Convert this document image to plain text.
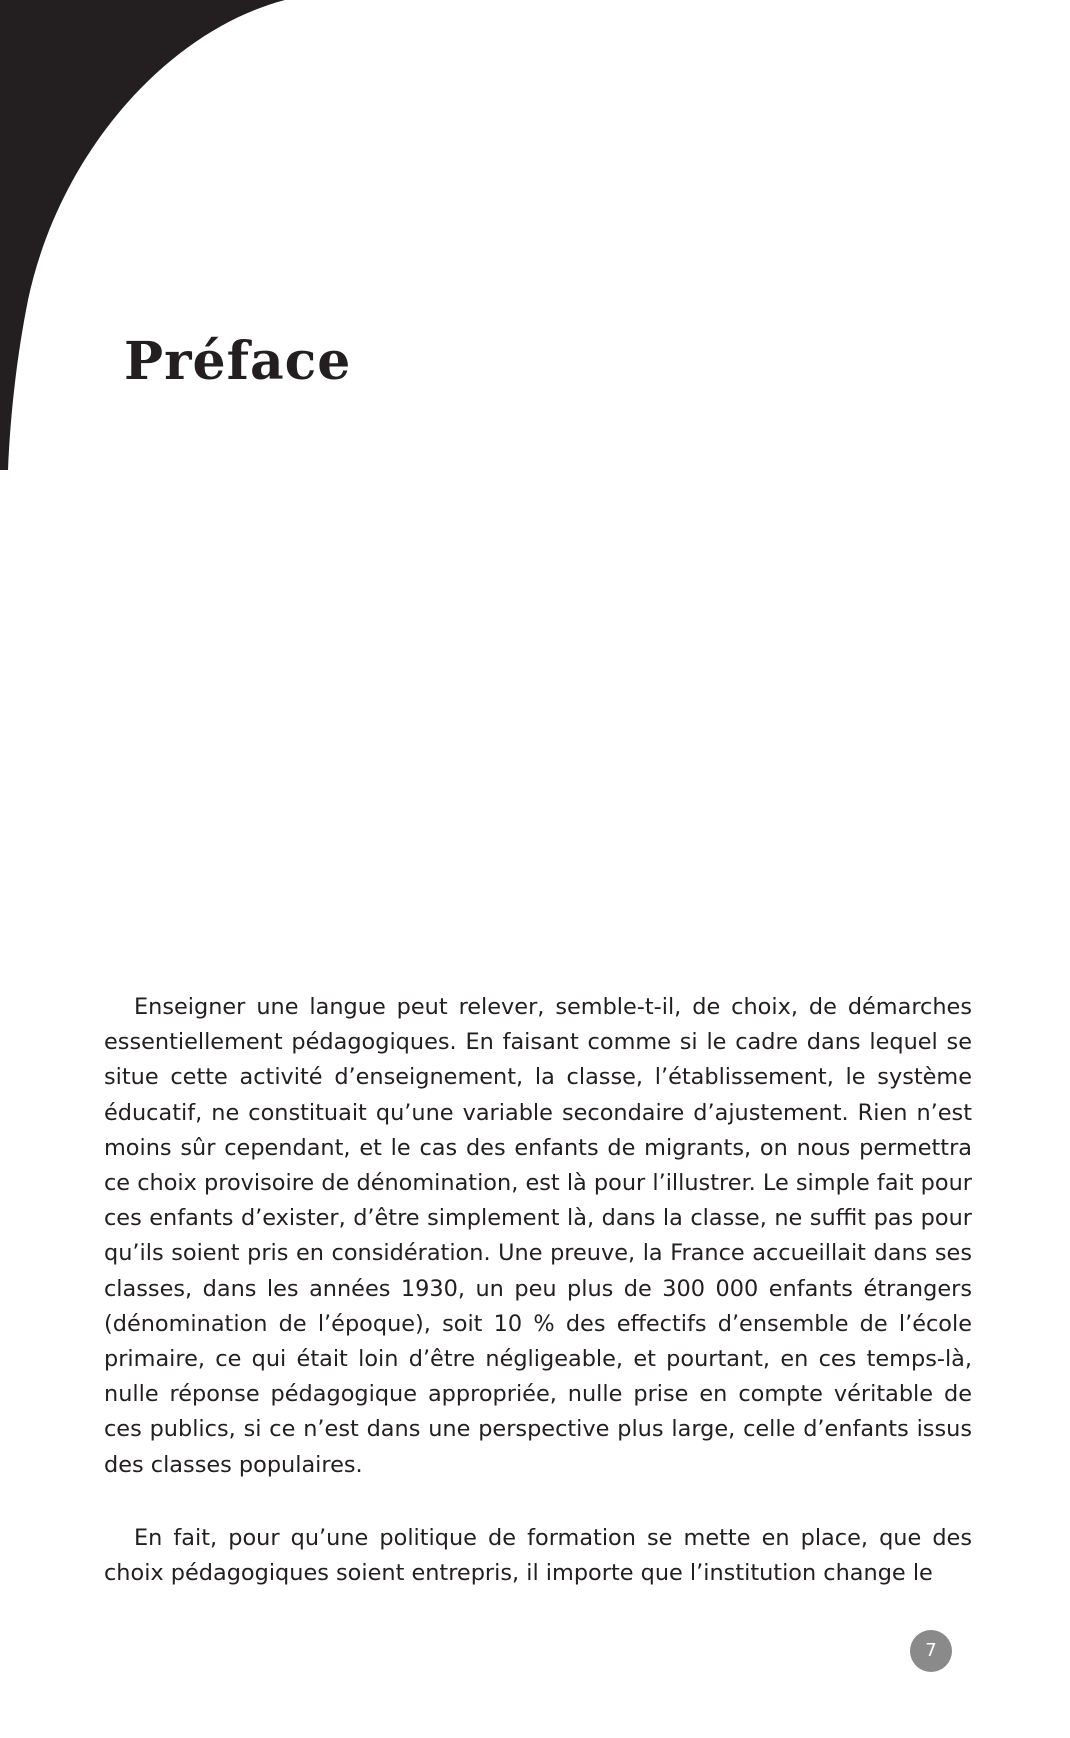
Préface

Enseigner une langue peut relever, semble-t-il, de choix, de démarches essentiellement pédagogiques. En faisant comme si le cadre dans lequel se situe cette activité d’enseignement, la classe, l’établissement, le système éducatif, ne constituait qu’une variable secondaire d’ajustement. Rien n’est moins sûr cependant, et le cas des enfants de migrants, on nous permettra ce choix provisoire de dénomination, est là pour l’illustrer. Le simple fait pour ces enfants d’exister, d’être simplement là, dans la classe, ne suffit pas pour qu’ils soient pris en considération. Une preuve, la France accueillait dans ses classes, dans les années 1930, un peu plus de 300 000 enfants étrangers (dénomination de l’époque), soit 10 % des effectifs d’ensemble de l’école primaire, ce qui était loin d’être négligeable, et pourtant, en ces temps-là, nulle réponse pédagogique appropriée, nulle prise en compte véritable de ces publics, si ce n’est dans une perspective plus large, celle d’enfants issus des classes populaires.

En fait, pour qu’une politique de formation se mette en place, que des choix pédagogiques soient entrepris, il importe que l’institution change le

7
